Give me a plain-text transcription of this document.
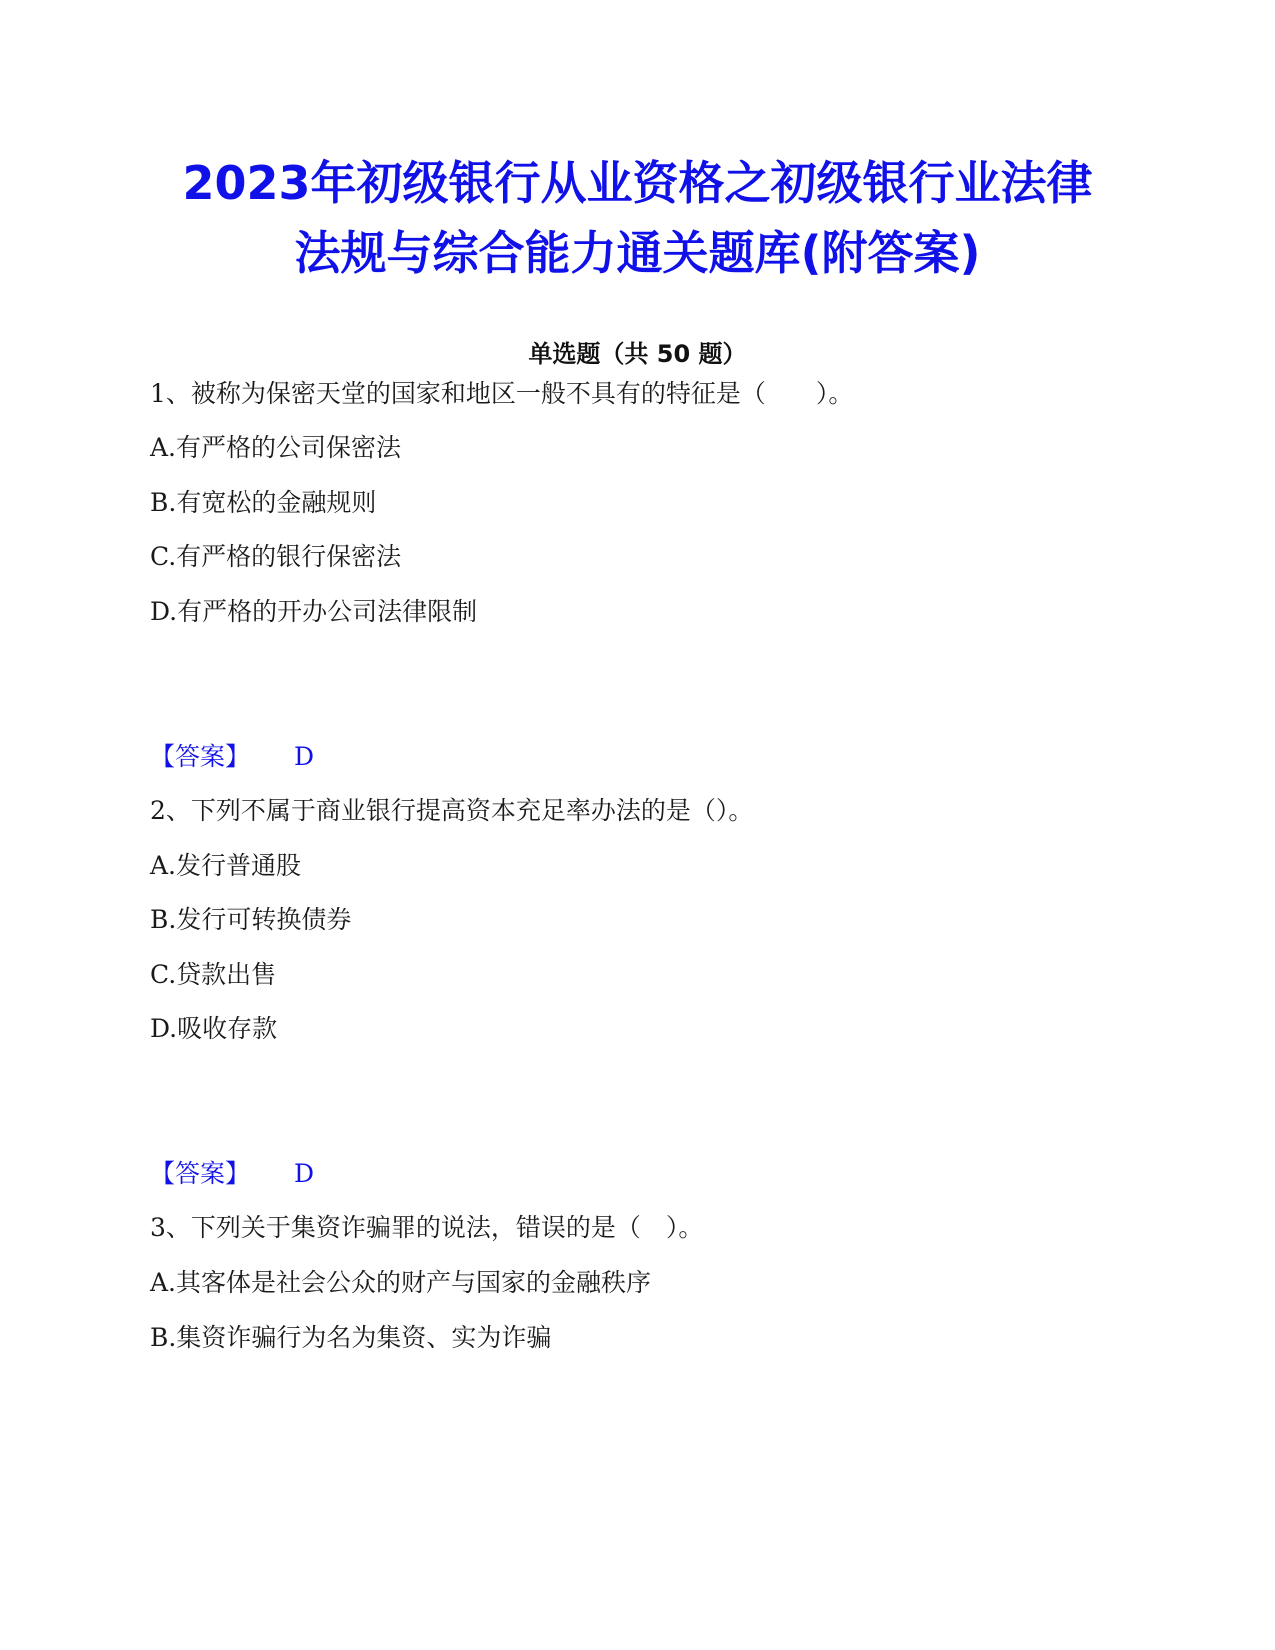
2023年初级银行从业资格之初级银行业法律
法规与综合能力通关题库(附答案)
单选题（共 50 题）
1、被称为保密天堂的国家和地区一般不具有的特征是（　　）。
A.有严格的公司保密法
B.有宽松的金融规则
C.有严格的银行保密法
D.有严格的开办公司法律限制
【答案】 D
2、下列不属于商业银行提高资本充足率办法的是（）。
A.发行普通股
B.发行可转换债券
C.贷款出售
D.吸收存款
【答案】 D
3、下列关于集资诈骗罪的说法，错误的是（　）。
A.其客体是社会公众的财产与国家的金融秩序
B.集资诈骗行为名为集资、实为诈骗
